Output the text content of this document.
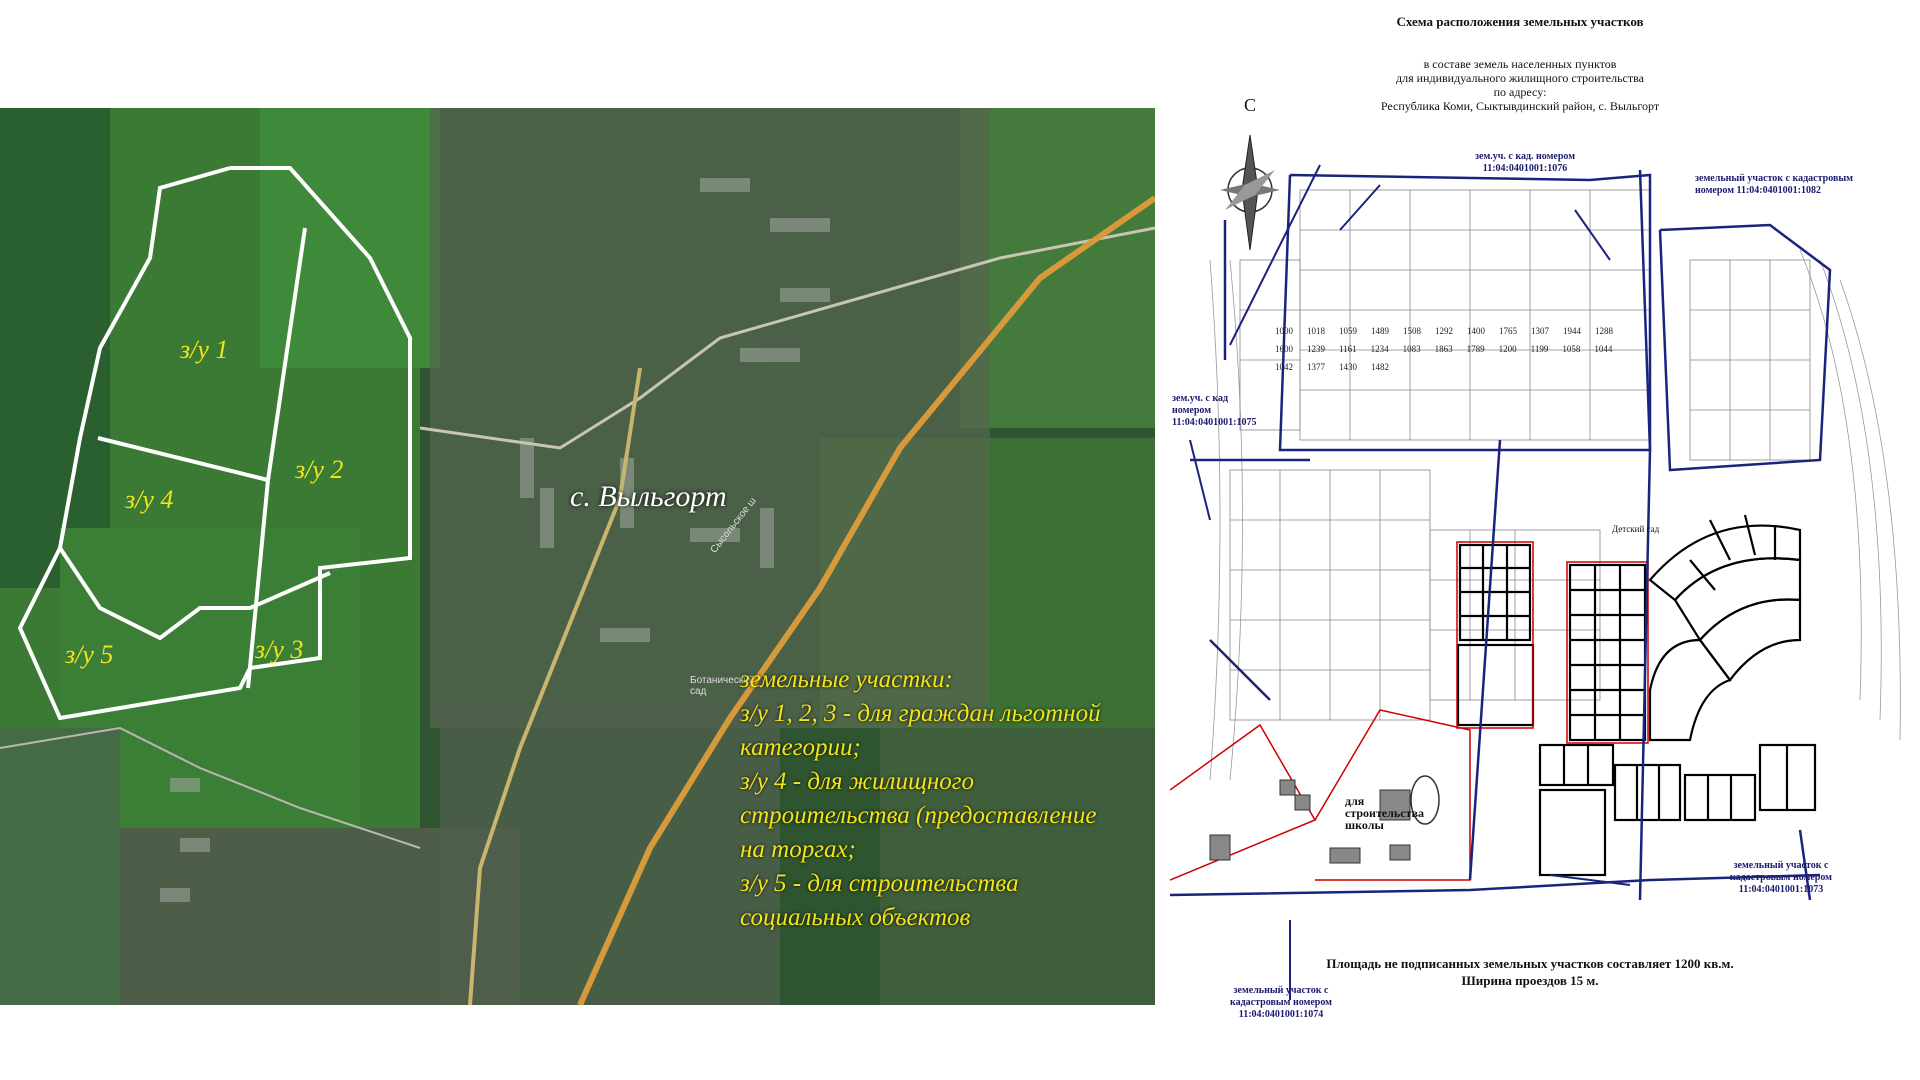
Сысольское ш
Ботанический сад
с. Выльгорт
з/у 1
з/у 2
з/у 3
з/у 4
з/у 5
земельные участки:
з/у 1, 2, 3 - для граждан льготной
категории;
з/у 4 - для жилищного
строительства (предоставление
на торгах;
з/у 5 - для строительства
социальных объектов
Схема расположения земельных участков
в составе земель населенных пунктов
для индивидуального жилищного строительства
по адресу:
Республика Коми, Сыктывдинский район, с. Выльгорт
зем.уч. с кад. номером
11:04:0401001:1076
земельный участок с кадастровым
номером 11:04:0401001:1082
зем.уч. с кад
номером
11:04:0401001:1075
земельный участок с
кадастровым номером
11:04:0401001:1073
земельный участок с
кадастровым номером
11:04:0401001:1074
С
для
строительства
школы
Детский сад
1000 1018 1059 1489 1508 1292 1400 1765 1307 1944 1288
1600 1239 1161 1234 1083 1863 1789 1200 1199 1058 1044
1042 1377 1430 1482
Площадь не подписанных земельных участков составляет 1200 кв.м.
Ширина проездов 15 м.
